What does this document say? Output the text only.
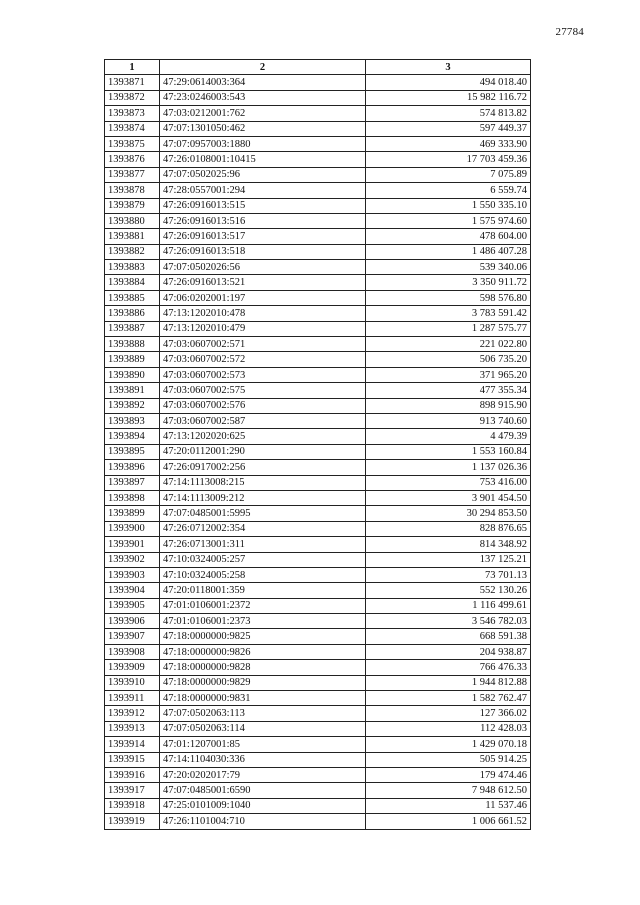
27784
1	2	3
1393871	47:29:0614003:364	494 018.40
1393872	47:23:0246003:543	15 982 116.72
1393873	47:03:0212001:762	574 813.82
1393874	47:07:1301050:462	597 449.37
1393875	47:07:0957003:1880	469 333.90
1393876	47:26:0108001:10415	17 703 459.36
1393877	47:07:0502025:96	7 075.89
1393878	47:28:0557001:294	6 559.74
1393879	47:26:0916013:515	1 550 335.10
1393880	47:26:0916013:516	1 575 974.60
1393881	47:26:0916013:517	478 604.00
1393882	47:26:0916013:518	1 486 407.28
1393883	47:07:0502026:56	539 340.06
1393884	47:26:0916013:521	3 350 911.72
1393885	47:06:0202001:197	598 576.80
1393886	47:13:1202010:478	3 783 591.42
1393887	47:13:1202010:479	1 287 575.77
1393888	47:03:0607002:571	221 022.80
1393889	47:03:0607002:572	506 735.20
1393890	47:03:0607002:573	371 965.20
1393891	47:03:0607002:575	477 355.34
1393892	47:03:0607002:576	898 915.90
1393893	47:03:0607002:587	913 740.60
1393894	47:13:1202020:625	4 479.39
1393895	47:20:0112001:290	1 553 160.84
1393896	47:26:0917002:256	1 137 026.36
1393897	47:14:1113008:215	753 416.00
1393898	47:14:1113009:212	3 901 454.50
1393899	47:07:0485001:5995	30 294 853.50
1393900	47:26:0712002:354	828 876.65
1393901	47:26:0713001:311	814 348.92
1393902	47:10:0324005:257	137 125.21
1393903	47:10:0324005:258	73 701.13
1393904	47:20:0118001:359	552 130.26
1393905	47:01:0106001:2372	1 116 499.61
1393906	47:01:0106001:2373	3 546 782.03
1393907	47:18:0000000:9825	668 591.38
1393908	47:18:0000000:9826	204 938.87
1393909	47:18:0000000:9828	766 476.33
1393910	47:18:0000000:9829	1 944 812.88
1393911	47:18:0000000:9831	1 582 762.47
1393912	47:07:0502063:113	127 366.02
1393913	47:07:0502063:114	112 428.03
1393914	47:01:1207001:85	1 429 070.18
1393915	47:14:1104030:336	505 914.25
1393916	47:20:0202017:79	179 474.46
1393917	47:07:0485001:6590	7 948 612.50
1393918	47:25:0101009:1040	11 537.46
1393919	47:26:1101004:710	1 006 661.52
